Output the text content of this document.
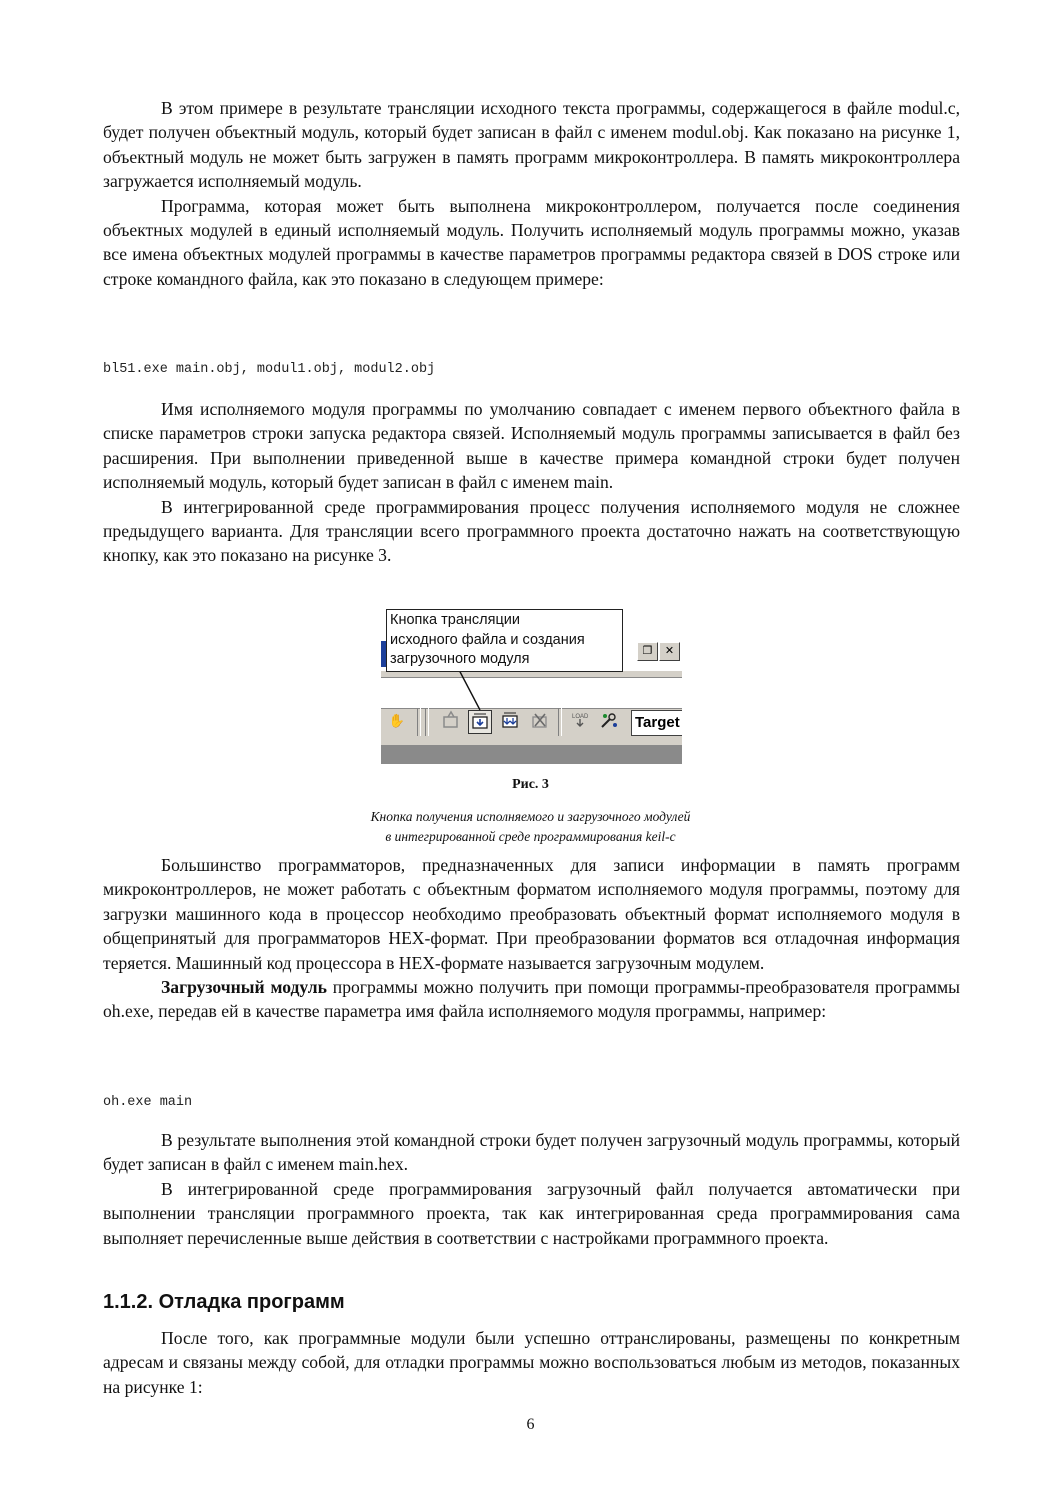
В этом примере в результате трансляции исходного текста программы, содержащегося в файле modul.c, будет получен объектный модуль, который будет записан в файл с именем modul.obj. Как показано на рисунке 1, объектный модуль не может быть загружен в память программ микроконтроллера. В память микроконтроллера загружается исполняемый модуль.

Программа, которая может быть выполнена микроконтроллером, получается после соединения объектных модулей в единый исполняемый модуль. Получить исполняемый модуль программы можно, указав все имена объектных модулей программы в качестве параметров программы редактора связей в DOS строке или строке командного файла, как это показано в следующем примере:

bl51.exe main.obj, modul1.obj, modul2.obj

Имя исполняемого модуля программы по умолчанию совпадает с именем первого объектного файла в списке параметров строки запуска редактора связей. Исполняемый модуль программы записывается в файл без расширения. При выполнении приведенной выше в качестве примера командной строки будет получен исполняемый модуль, который будет записан в файл с именем main.

В интегрированной среде программирования процесс получения исполняемого модуля не сложнее предыдущего варианта. Для трансляции всего программного проекта достаточно нажать на соответствующую кнопку, как это показано на рисунке 3.

❐	✕
✋	LOAD	Target
Кнопка трансляции
исходного файла и создания
загрузочного модуля
Рис. 3
Кнопка получения исполняемого и загрузочного модулей
в интегрированной среде программирования keil-c

Большинство программаторов, предназначенных для записи информации в память программ микроконтроллеров, не может работать с объектным форматом исполняемого модуля программы, поэтому для загрузки машинного кода в процессор необходимо преобразовать объектный формат исполняемого модуля в общепринятый для программаторов HEX-формат. При преобразовании форматов вся отладочная информация теряется. Машинный код процессора в HEX-формате называется загрузочным модулем.

Загрузочный модуль программы можно получить при помощи программы-преобразователя программы oh.exe, передав ей в качестве параметра имя файла исполняемого модуля программы, например:

oh.exe main

В результате выполнения этой командной строки будет получен загрузочный модуль программы, который будет записан в файл с именем main.hex.

В интегрированной среде программирования загрузочный файл получается автоматически при выполнении трансляции программного проекта, так как интегрированная среда программирования сама выполняет перечисленные выше действия в соответствии с настройками программного проекта.

1.1.2. Отладка программ

После того, как программные модули были успешно оттранслированы, размещены по конкретным адресам и связаны между собой, для отладки программы можно воспользоваться любым из методов, показанных на рисунке 1:

6
